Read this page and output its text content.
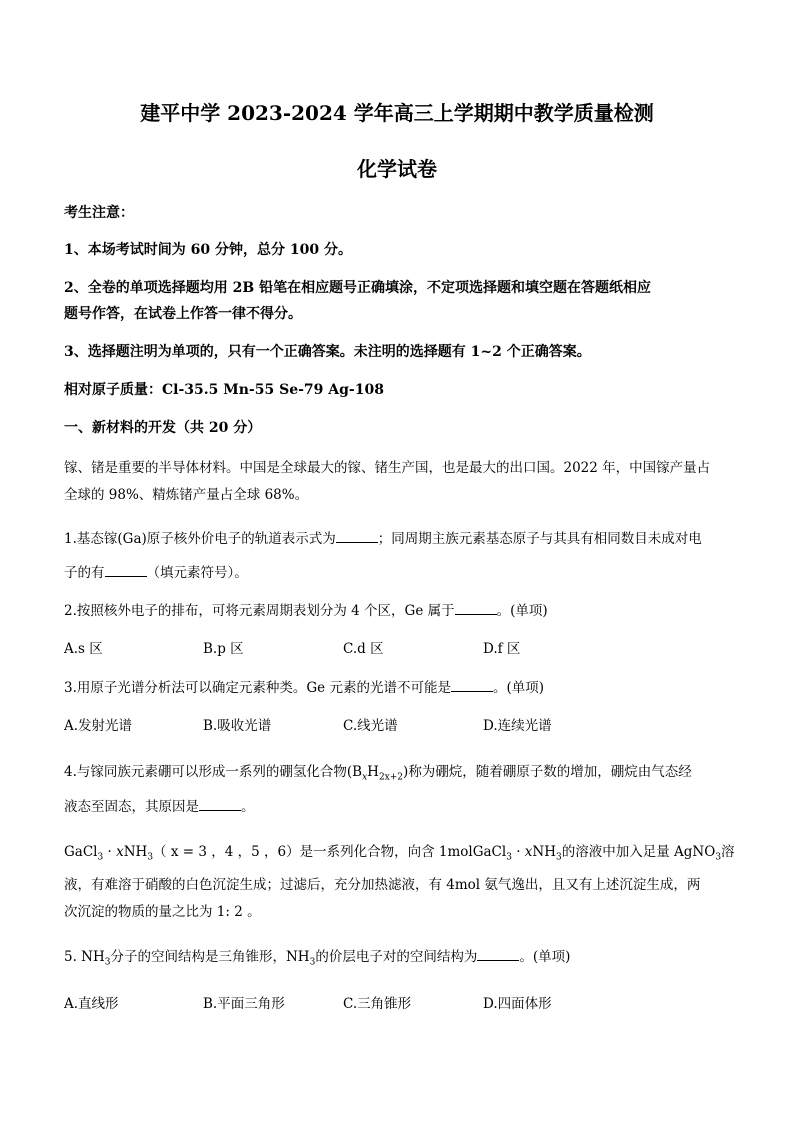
建平中学 2023-2024 学年高三上学期期中教学质量检测
化学试卷
考生注意：
1、本场考试时间为 60 分钟，总分 100 分。
2、全卷的单项选择题均用 2B 铅笔在相应题号正确填涂，不定项选择题和填空题在答题纸相应
题号作答，在试卷上作答一律不得分。
3、选择题注明为单项的，只有一个正确答案。未注明的选择题有 1~2 个正确答案。
相对原子质量：Cl-35.5 Mn-55 Se-79 Ag-108
一、新材料的开发（共 20 分）
镓、锗是重要的半导体材料。中国是全球最大的镓、锗生产国，也是最大的出口国。2022 年，中国镓产量占
全球的 98%、精炼锗产量占全球 68%。
1.基态镓(Ga)原子核外价电子的轨道表示式为	；同周期主族元素基态原子与其具有相同数目未成对电
子的有	（填元素符号）。
2.按照核外电子的排布，可将元素周期表划分为 4 个区，Ge 属于	。(单项)
A.s 区	B.p 区	C.d 区	D.f 区
3.用原子光谱分析法可以确定元素种类。Ge 元素的光谱不可能是	。(单项)
A.发射光谱	B.吸收光谱	C.线光谱	D.连续光谱
4.与镓同族元素硼可以形成一系列的硼氢化合物$(B_xH_{2x+2})$称为硼烷，随着硼原子数的增加，硼烷由气态经
液态至固态，其原因是	。
GaCl$_3$ · xNH$_3$（ x = 3 ，4 ，5 ，6）是一系列化合物，向含 1molGaCl$_3$ · xNH$_3$的溶液中加入足量 AgNO$_3$溶
液，有难溶于硝酸的白色沉淀生成；过滤后，充分加热滤液，有 4mol 氨气逸出，且又有上述沉淀生成，两
次沉淀的物质的量之比为 1: 2 。
5. $NH_3$分子的空间结构是三角锥形，$NH_3$的价层电子对的空间结构为	。(单项)
A.直线形	B.平面三角形	C.三角锥形	D.四面体形
